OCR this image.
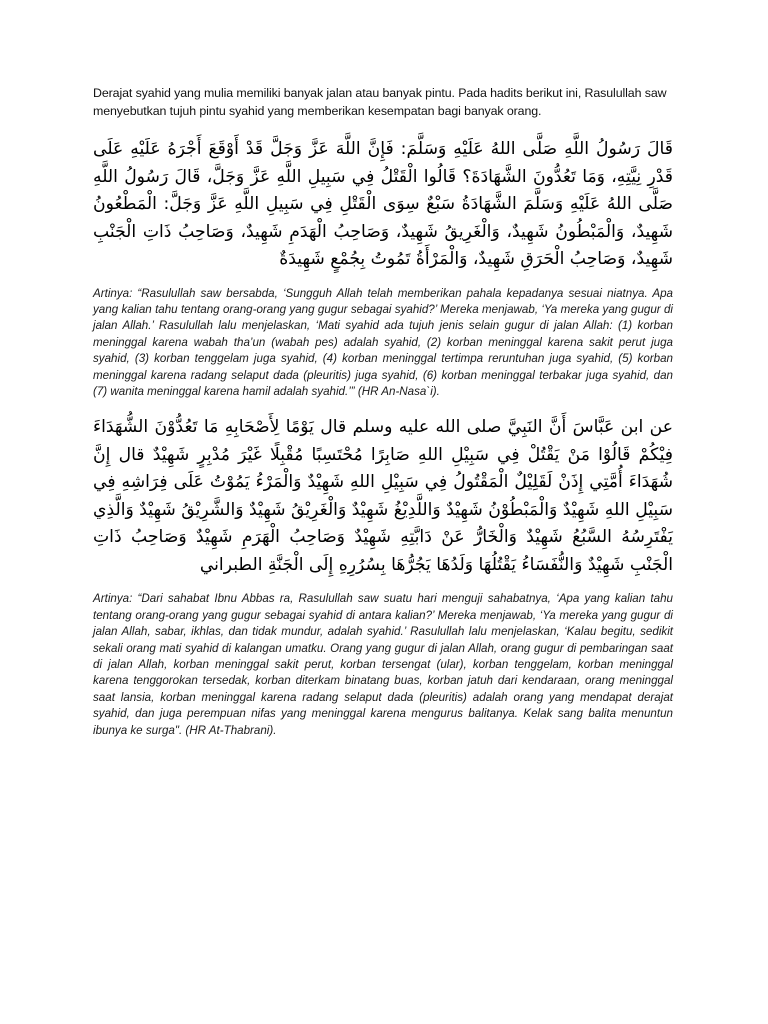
Derajat syahid yang mulia memiliki banyak jalan atau banyak pintu. Pada hadits berikut ini, Rasulullah saw menyebutkan tujuh pintu syahid yang memberikan kesempatan bagi banyak orang.

قَالَ رَسُولُ اللَّهِ صَلَّى اللهُ عَلَيْهِ وَسَلَّمَ: فَإِنَّ اللَّهَ عَزَّ وَجَلَّ قَدْ أَوْقَعَ أَجْرَهُ عَلَيْهِ عَلَى قَدْرِ نِيَّتِهِ، وَمَا تَعُدُّونَ الشَّهَادَةَ؟ قَالُوا الْقَتْلُ فِي سَبِيلِ اللَّهِ عَزَّ وَجَلَّ، قَالَ رَسُولُ اللَّهِ صَلَّى اللهُ عَلَيْهِ وَسَلَّمَ الشَّهَادَةُ سَبْعٌ سِوَى الْقَتْلِ فِي سَبِيلِ اللَّهِ عَزَّ وَجَلَّ: الْمَطْعُونُ شَهِيدٌ، وَالْمَبْطُونُ شَهِيدٌ، وَالْغَرِيقُ شَهِيدٌ، وَصَاحِبُ الْهَدَمِ شَهِيدٌ، وَصَاحِبُ ذَاتِ الْجَنْبِ شَهِيدٌ، وَصَاحِبُ الْحَرَقِ شَهِيدٌ، وَالْمَرْأَةُ تَمُوتُ بِجُمْعٍ شَهِيدَةٌ

Artinya: “Rasulullah saw bersabda, ‘Sungguh Allah telah memberikan pahala kepadanya sesuai niatnya. Apa yang kalian tahu tentang orang-orang yang gugur sebagai syahid?’ Mereka menjawab, ‘Ya mereka yang gugur di jalan Allah.’ Rasulullah lalu menjelaskan, ‘Mati syahid ada tujuh jenis selain gugur di jalan Allah: (1) korban meninggal karena wabah tha’un (wabah pes) adalah syahid, (2) korban meninggal karena sakit perut juga syahid, (3) korban tenggelam juga syahid, (4) korban meninggal tertimpa reruntuhan juga syahid, (5) korban meninggal karena radang selaput dada (pleuritis) juga syahid, (6) korban meninggal terbakar juga syahid, dan (7) wanita meninggal karena hamil adalah syahid.’” (HR An-Nasa`i).

عن ابن عَبَّاسَ أَنَّ النَبِيَّ صلى الله عليه وسلم قال يَوْمًا لِأَصْحَابِهِ مَا تَعُدُّوْنَ الشُّهَدَاءَ فِيْكُمْ قَالُوْا مَنْ يَقْتُلْ فِي سَبِيْلِ اللهِ صَابِرًا مُحْتَسِبًا مُقْبِلًا غَيْرَ مُدْبِرٍ شَهِيْدٌ قال إِنَّ شُهَدَاءَ أُمَّتِي إِذَنْ لَقَلِيْلٌ الْمَقْتُولُ فِي سَبِيْلِ اللهِ شَهِيْدٌ وَالْمَرْءُ يَمُوْتُ عَلَى فِرَاشِهِ فِي سَبِيْلِ اللهِ شَهِيْدٌ وَالْمَبْطُوْنُ شَهِيْدٌ وَاللَّدِيْغُ شَهِيْدٌ وَالْغَرِيْقُ شَهِيْدٌ وَالشَّرِيْقُ شَهِيْدٌ وَالَّذِي يَفْتَرِسُهُ السَّبُعُ شَهِيْدٌ وَالْخَارُّ عَنْ دَابَّتِهِ شَهِيْدٌ وَصَاحِبُ الْهَرَمِ شَهِيْدٌ وَصَاحِبُ ذَاتِ الْجَنْبِ شَهِيْدٌ وَالنُّفَسَاءُ يَقْتُلُهَا وَلَدُهَا يَجُرُّهَا بِسُرُرِهِ إِلَى الْجَنَّةِ الطبراني

Artinya: “Dari sahabat Ibnu Abbas ra, Rasulullah saw suatu hari menguji sahabatnya, ‘Apa yang kalian tahu tentang orang-orang yang gugur sebagai syahid di antara kalian?’ Mereka menjawab, ‘Ya mereka yang gugur di jalan Allah, sabar, ikhlas, dan tidak mundur, adalah syahid.’ Rasulullah lalu menjelaskan, ‘Kalau begitu, sedikit sekali orang mati syahid di kalangan umatku. Orang yang gugur di jalan Allah, orang gugur di pembaringan saat di jalan Allah, korban meninggal sakit perut, korban tersengat (ular), korban tenggelam, korban meninggal karena tenggorokan tersedak, korban diterkam binatang buas, korban jatuh dari kendaraan, orang meninggal saat lansia, korban meninggal karena radang selaput dada (pleuritis) adalah orang yang mendapat derajat syahid, dan juga perempuan nifas yang meninggal karena mengurus balitanya. Kelak sang balita menuntun ibunya ke surga". (HR At-Thabrani).
